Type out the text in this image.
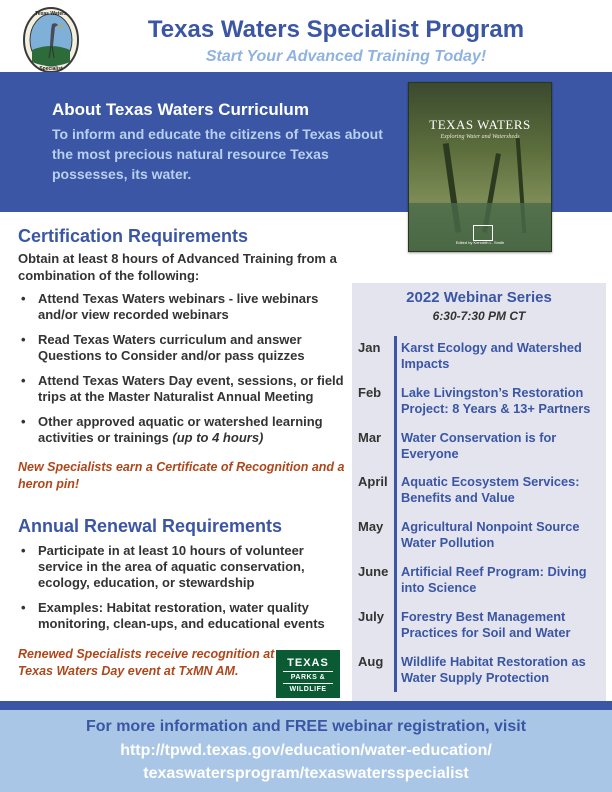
Texas Waters
Specialist
Texas Waters Specialist Program
Start Your Advanced Training Today!
About Texas Waters Curriculum
To inform and educate the citizens of Texas about the most precious natural resource Texas possesses, its water.
TEXAS WATERS
Exploring Water and Watersheds
Edited by Kenneth L. Smith
Certification Requirements
Obtain at least 8 hours of Advanced Training from a combination of the following:
• Attend Texas Waters webinars - live webinars and/or view recorded webinars
• Read Texas Waters curriculum and answer Questions to Consider and/or pass quizzes
• Attend Texas Waters Day event, sessions, or field trips at the Master Naturalist Annual Meeting
• Other approved aquatic or watershed learning activities or trainings (up to 4 hours)
New Specialists earn a Certificate of Recognition and a heron pin!
Annual Renewal Requirements
• Participate in at least 10 hours of volunteer service in the area of aquatic conservation, ecology, education, or stewardship
• Examples: Habitat restoration, water quality monitoring, clean-ups, and educational events
Renewed Specialists receive recognition at Texas Waters Day event at TxMN AM.
TEXAS
PARKS &
WILDLIFE
2022 Webinar Series
6:30-7:30 PM CT
Jan	Karst Ecology and Watershed Impacts
Feb	Lake Livingston’s Restoration Project: 8 Years & 13+ Partners
Mar	Water Conservation is for Everyone
April	Aquatic Ecosystem Services: Benefits and Value
May	Agricultural Nonpoint Source Water Pollution
June Artificial Reef Program: Diving into Science
July	Forestry Best Management Practices for Soil and Water
Aug	Wildlife Habitat Restoration as Water Supply Protection
For more information and FREE webinar registration, visit
http://tpwd.texas.gov/education/water-education/
texaswatersprogram/texaswatersspecialist
